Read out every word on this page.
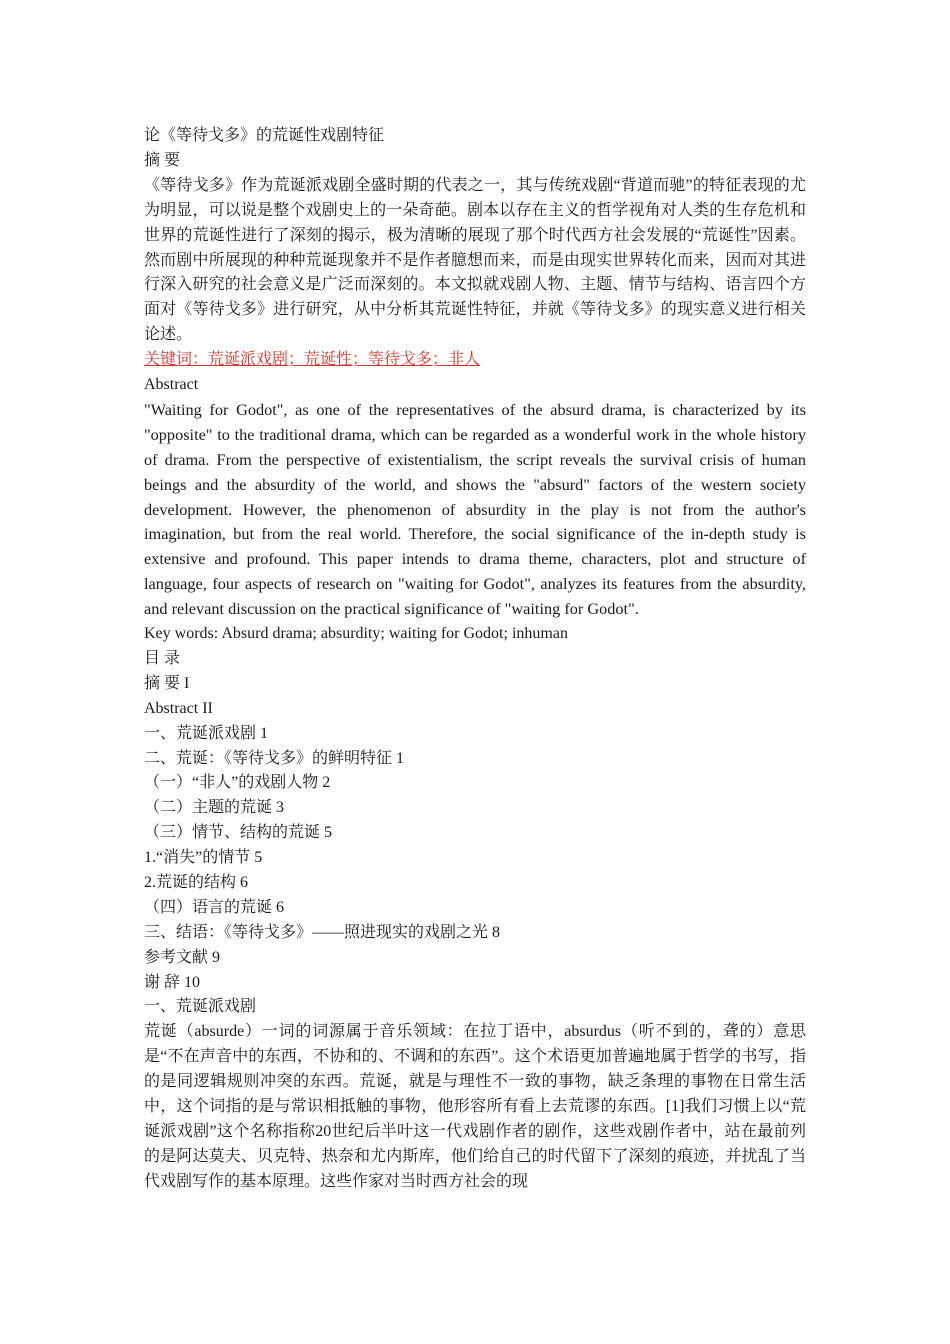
论《等待戈多》的荒诞性戏剧特征
摘 要
《等待戈多》作为荒诞派戏剧全盛时期的代表之一，其与传统戏剧“背道而驰”的特征表现的尤为明显，可以说是整个戏剧史上的一朵奇葩。剧本以存在主义的哲学视角对人类的生存危机和世界的荒诞性进行了深刻的揭示，极为清晰的展现了那个时代西方社会发展的“荒诞性”因素。然而剧中所展现的种种荒诞现象并不是作者臆想而来，而是由现实世界转化而来，因而对其进行深入研究的社会意义是广泛而深刻的。本文拟就戏剧人物、主题、情节与结构、语言四个方面对《等待戈多》进行研究，从中分析其荒诞性特征，并就《等待戈多》的现实意义进行相关论述。
关键词：荒诞派戏剧；荒诞性；等待戈多；非人
Abstract
"Waiting for Godot", as one of the representatives of the absurd drama, is characterized by its "opposite" to the traditional drama, which can be regarded as a wonderful work in the whole history of drama. From the perspective of existentialism, the script reveals the survival crisis of human beings and the absurdity of the world, and shows the "absurd" factors of the western society development. However, the phenomenon of absurdity in the play is not from the author's imagination, but from the real world. Therefore, the social significance of the in-depth study is extensive and profound. This paper intends to drama theme, characters, plot and structure of language, four aspects of research on "waiting for Godot", analyzes its features from the absurdity, and relevant discussion on the practical significance of "waiting for Godot".
Key words: Absurd drama; absurdity; waiting for Godot; inhuman
目 录
摘 要 I
Abstract II
一、荒诞派戏剧 1
二、荒诞：《等待戈多》的鲜明特征 1
（一）“非人”的戏剧人物 2
（二）主题的荒诞 3
（三）情节、结构的荒诞 5
1.“消失”的情节 5
2.荒诞的结构 6
（四）语言的荒诞 6
三、结语：《等待戈多》——照进现实的戏剧之光 8
参考文献 9
谢 辞 10
一、荒诞派戏剧
荒诞（absurde）一词的词源属于音乐领域：在拉丁语中，absurdus（听不到的，聋的）意思是“不在声音中的东西，不协和的、不调和的东西”。这个术语更加普遍地属于哲学的书写，指的是同逻辑规则冲突的东西。荒诞，就是与理性不一致的事物，缺乏条理的事物在日常生活中，这个词指的是与常识相抵触的事物，他形容所有看上去荒谬的东西。[1]我们习惯上以“荒诞派戏剧”这个名称指称20世纪后半叶这一代戏剧作者的剧作，这些戏剧作者中，站在最前列的是阿达莫夫、贝克特、热奈和尤内斯库，他们给自己的时代留下了深刻的痕迹，并扰乱了当代戏剧写作的基本原理。这些作家对当时西方社会的现
